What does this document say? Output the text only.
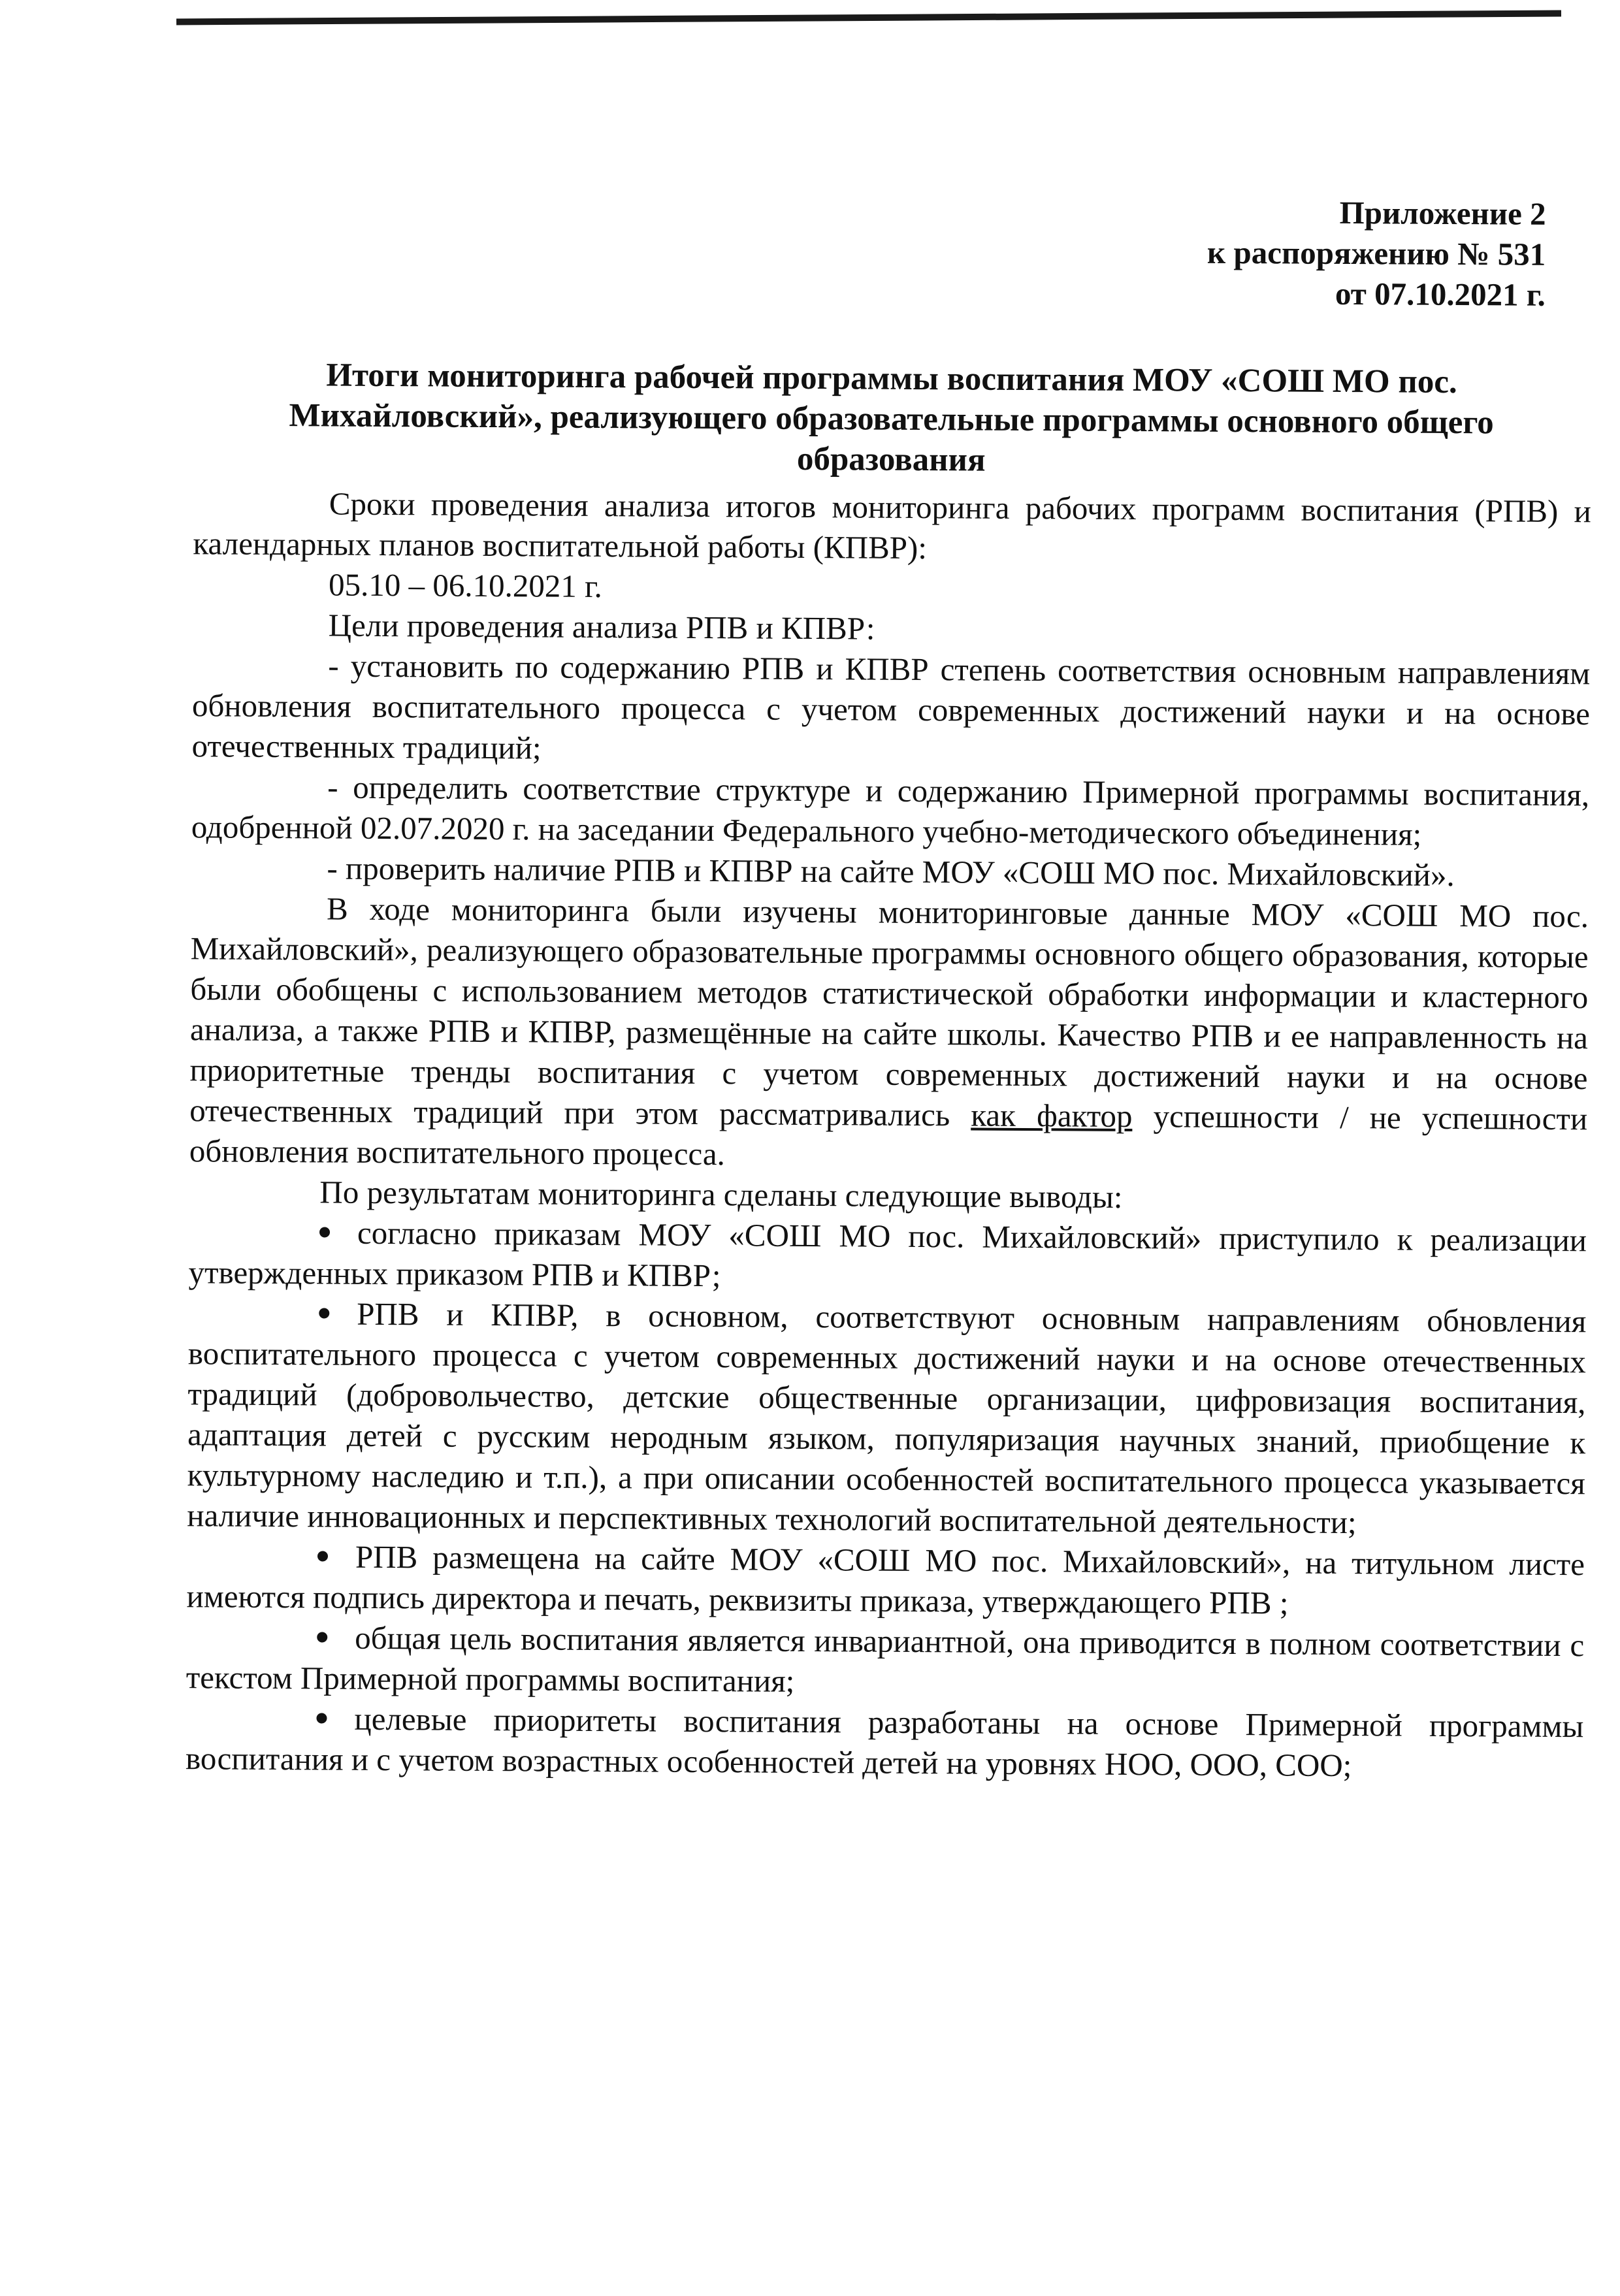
Приложение 2
к распоряжению № 531
от 07.10.2021 г.
Итоги мониторинга рабочей программы воспитания МОУ «СОШ МО пос. Михайловский», реализующего образовательные программы основного общего образования

Сроки проведения анализа итогов мониторинга рабочих программ воспитания (РПВ) и календарных планов воспитательной работы (КПВР):

05.10 – 06.10.2021 г.

Цели проведения анализа РПВ и КПВР:

- установить по содержанию РПВ и КПВР степень соответствия основным направлениям обновления воспитательного процесса с учетом современных достижений науки и на основе отечественных традиций;

- определить соответствие структуре и содержанию Примерной программы воспитания, одобренной 02.07.2020 г. на заседании Федерального учебно-методического объединения;

- проверить наличие РПВ и КПВР на сайте МОУ «СОШ МО пос. Михайловский».

В ходе мониторинга были изучены мониторинговые данные МОУ «СОШ МО пос. Михайловский», реализующего образовательные программы основного общего образования, которые были обобщены с использованием методов статистической обработки информации и кластерного анализа, а также РПВ и КПВР, размещённые на сайте школы. Качество РПВ и ее направленность на приоритетные тренды воспитания с учетом современных достижений науки и на основе отечественных традиций при этом рассматривались как фактор успешности / не успешности обновления воспитательного процесса.

По результатам мониторинга сделаны следующие выводы:

согласно приказам МОУ «СОШ МО пос. Михайловский» приступило к реализации утвержденных приказом РПВ и КПВР;
РПВ и КПВР, в основном, соответствуют основным направлениям обновления воспитательного процесса с учетом современных достижений науки и на основе отечественных традиций (добровольчество, детские общественные организации, цифровизация воспитания, адаптация детей с русским неродным языком, популяризация научных знаний, приобщение к культурному наследию и т.п.), а при описании особенностей воспитательного процесса указывается наличие инновационных и перспективных технологий воспитательной деятельности;
РПВ размещена на сайте МОУ «СОШ МО пос. Михайловский», на титульном листе имеются подпись директора и печать, реквизиты приказа, утверждающего РПВ ;
общая цель воспитания является инвариантной, она приводится в полном соответствии с текстом Примерной программы воспитания;
целевые приоритеты воспитания разработаны на основе Примерной программы воспитания и с учетом возрастных особенностей детей на уровнях НОО, ООО, СОО;
